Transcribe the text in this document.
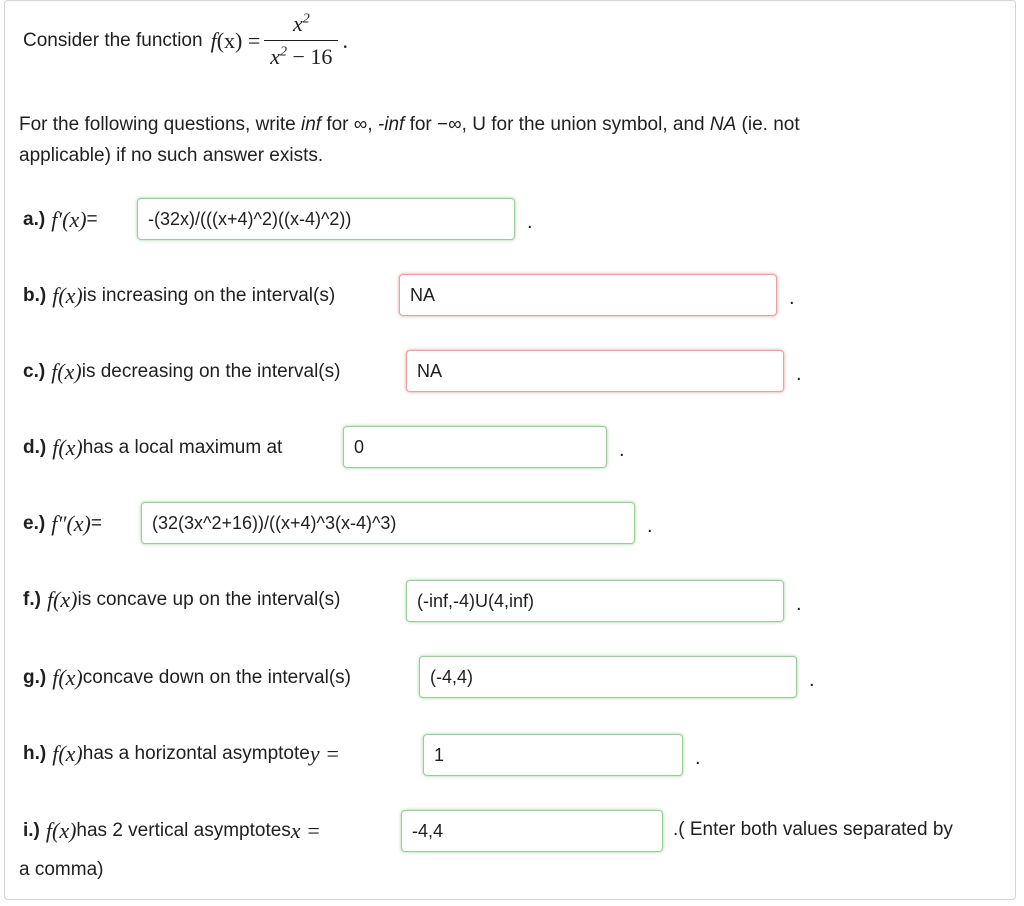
Consider the function f $(x) = \frac{x^2}{x^2 - 16}$ .
For the following questions, write inf for ∞, -inf for −∞, U for the union symbol, and NA (ie. not
applicable) if no such answer exists.
a.) f′(x) =
-(32x)/(((x+4)^2)((x-4)^2))	.
b.) f(x) is increasing on the interval(s)
NA	.
c.) f(x) is decreasing on the interval(s)
NA	.
d.) f(x) has a local maximum at
0	.
e.) f″(x) =
(32(3x^2+16))/((x+4)^3(x-4)^3)	.
f.) f(x) is concave up on the interval(s)
(-inf,-4)U(4,inf)	.
g.) f(x) concave down on the interval(s)
(-4,4)	.
h.) f(x) has a horizontal asymptote y =
1	.
i.) f(x) has 2 vertical asymptotes x =
-4,4	.( Enter both values separated by
a comma)
